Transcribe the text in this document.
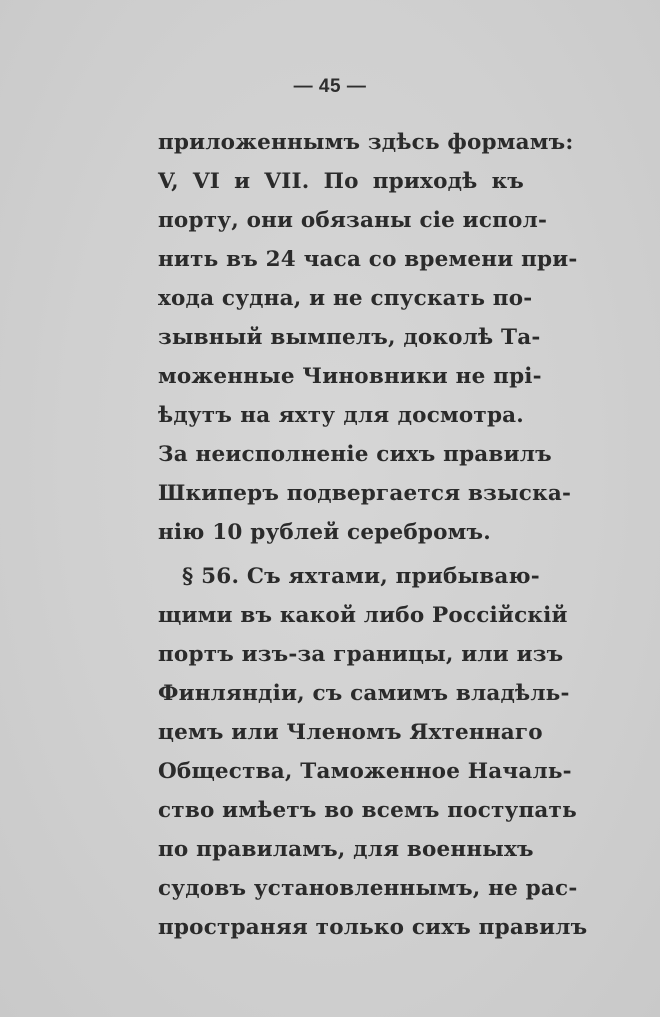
— 45 —
приложеннымъ здѣсь формамъ:
V, VI и VII. По приходѣ къ
порту, они обязаны сіе испол-
нить въ 24 часа со времени при-
хода судна, и не спускать по-
зывный вымпелъ, доколѣ Та-
моженные Чиновники не прі-
ѣдутъ на яхту для досмотра.
За неисполненіе сихъ правилъ
Шкиперъ подвергается взыска-
нію 10 рублей серебромъ.
§ 56. Съ яхтами, прибываю-
щими въ какой либо Россійскій
портъ изъ-за границы, или изъ
Финляндіи, съ самимъ владѣль-
цемъ или Членомъ Яхтеннаго
Общества, Таможенное Началь-
ство имѣетъ во всемъ поступать
по правиламъ, для военныхъ
судовъ установленнымъ, не рас-
пространяя только сихъ правилъ
